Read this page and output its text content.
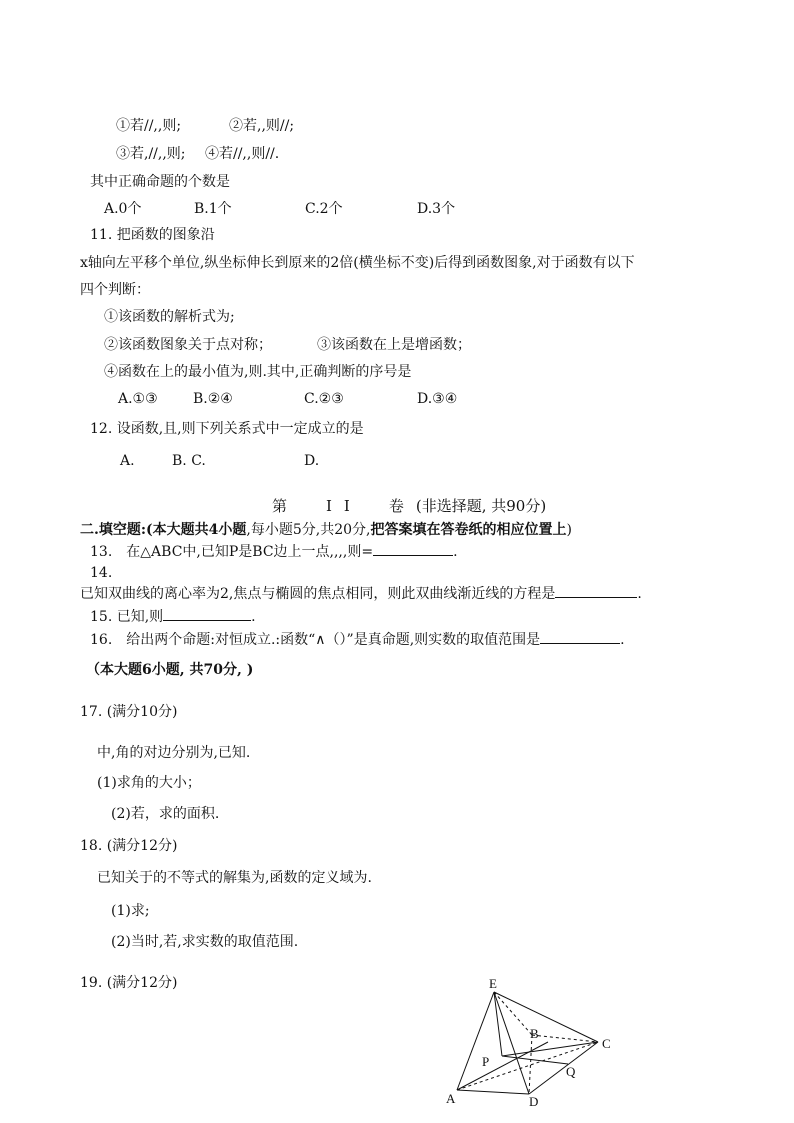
①若//,,则;	②若,,则//;
③若,//,,则; ④若//,,则//.
其中正确命题的个数是
A.0个	B.1个	C.2个	D.3个
11. 把函数的图象沿
x轴向左平移个单位,纵坐标伸长到原来的2倍(横坐标不变)后得到函数图象,对于函数有以下
四个判断：
①该函数的解析式为;
②该函数图象关于点对称；	③该函数在上是增函数；
④函数在上的最小值为,则.其中,正确判断的序号是
A.①③	B.②④	C.②③	D.③④
12. 设函数,且,则下列关系式中一定成立的是
A.	B. C.	D.
第　II　卷(非选择题, 共90分)
二.填空题:(本大题共4小题,每小题5分,共20分,把答案填在答卷纸的相应位置上)
13.　在△ABC中,已知P是BC边上一点,,,,则=	.
14.
已知双曲线的离心率为2,焦点与椭圆的焦点相同，则此双曲线渐近线的方程是	.
15. 已知,则	.
16.　给出两个命题:对恒成立.:函数“∧（）”是真命题,则实数的取值范围是	.
（本大题6小题, 共70分, )
17. (满分10分)
中,角的对边分别为,已知.
(1)求角的大小；
(2)若，求的面积.
18. (满分12分)
已知关于的不等式的解集为,函数的定义域为.
(1)求;
(2)当时,若,求实数的取值范围.
19. (满分12分)	E
B
C
P
Q
A	D
